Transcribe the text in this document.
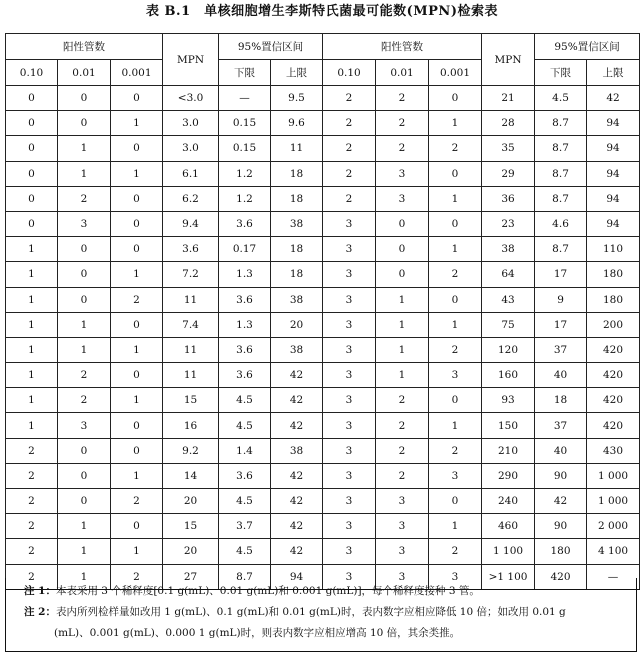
表 B.1　单核细胞增生李斯特氏菌最可能数(MPN)检索表
阳性管数			MPN	95%置信区间		阳性管数			MPN	95%置信区间	
0.10	0.01	0.001		下限	上限	0.10	0.01	0.001		下限	上限
0	0	0	<3.0	—	9.5	2	2	0	21	4.5	42
0	0	1	3.0	0.15	9.6	2	2	1	28	8.7	94
0	1	0	3.0	0.15	11	2	2	2	35	8.7	94
0	1	1	6.1	1.2	18	2	3	0	29	8.7	94
0	2	0	6.2	1.2	18	2	3	1	36	8.7	94
0	3	0	9.4	3.6	38	3	0	0	23	4.6	94
1	0	0	3.6	0.17	18	3	0	1	38	8.7	110
1	0	1	7.2	1.3	18	3	0	2	64	17	180
1	0	2	11	3.6	38	3	1	0	43	9	180
1	1	0	7.4	1.3	20	3	1	1	75	17	200
1	1	1	11	3.6	38	3	1	2	120	37	420
1	2	0	11	3.6	42	3	1	3	160	40	420
1	2	1	15	4.5	42	3	2	0	93	18	420
1	3	0	16	4.5	42	3	2	1	150	37	420
2	0	0	9.2	1.4	38	3	2	2	210	40	430
2	0	1	14	3.6	42	3	2	3	290	90	1 000
2	0	2	20	4.5	42	3	3	0	240	42	1 000
2	1	0	15	3.7	42	3	3	1	460	90	2 000
2	1	1	20	4.5	42	3	3	2	1 100	180	4 100
2	1	2	27	8.7	94	3	3	3	>1 100	420	—
注 1：本表采用 3 个稀释度[0.1 g(mL)、0.01 g(mL)和 0.001 g(mL)]，每个稀释度接种 3 管。
注 2：表内所列检样量如改用 1 g(mL)、0.1 g(mL)和 0.01 g(mL)时，表内数字应相应降低 10 倍；如改用 0.01 g
(mL)、0.001 g(mL)、0.000 1 g(mL)时，则表内数字应相应增高 10 倍，其余类推。
